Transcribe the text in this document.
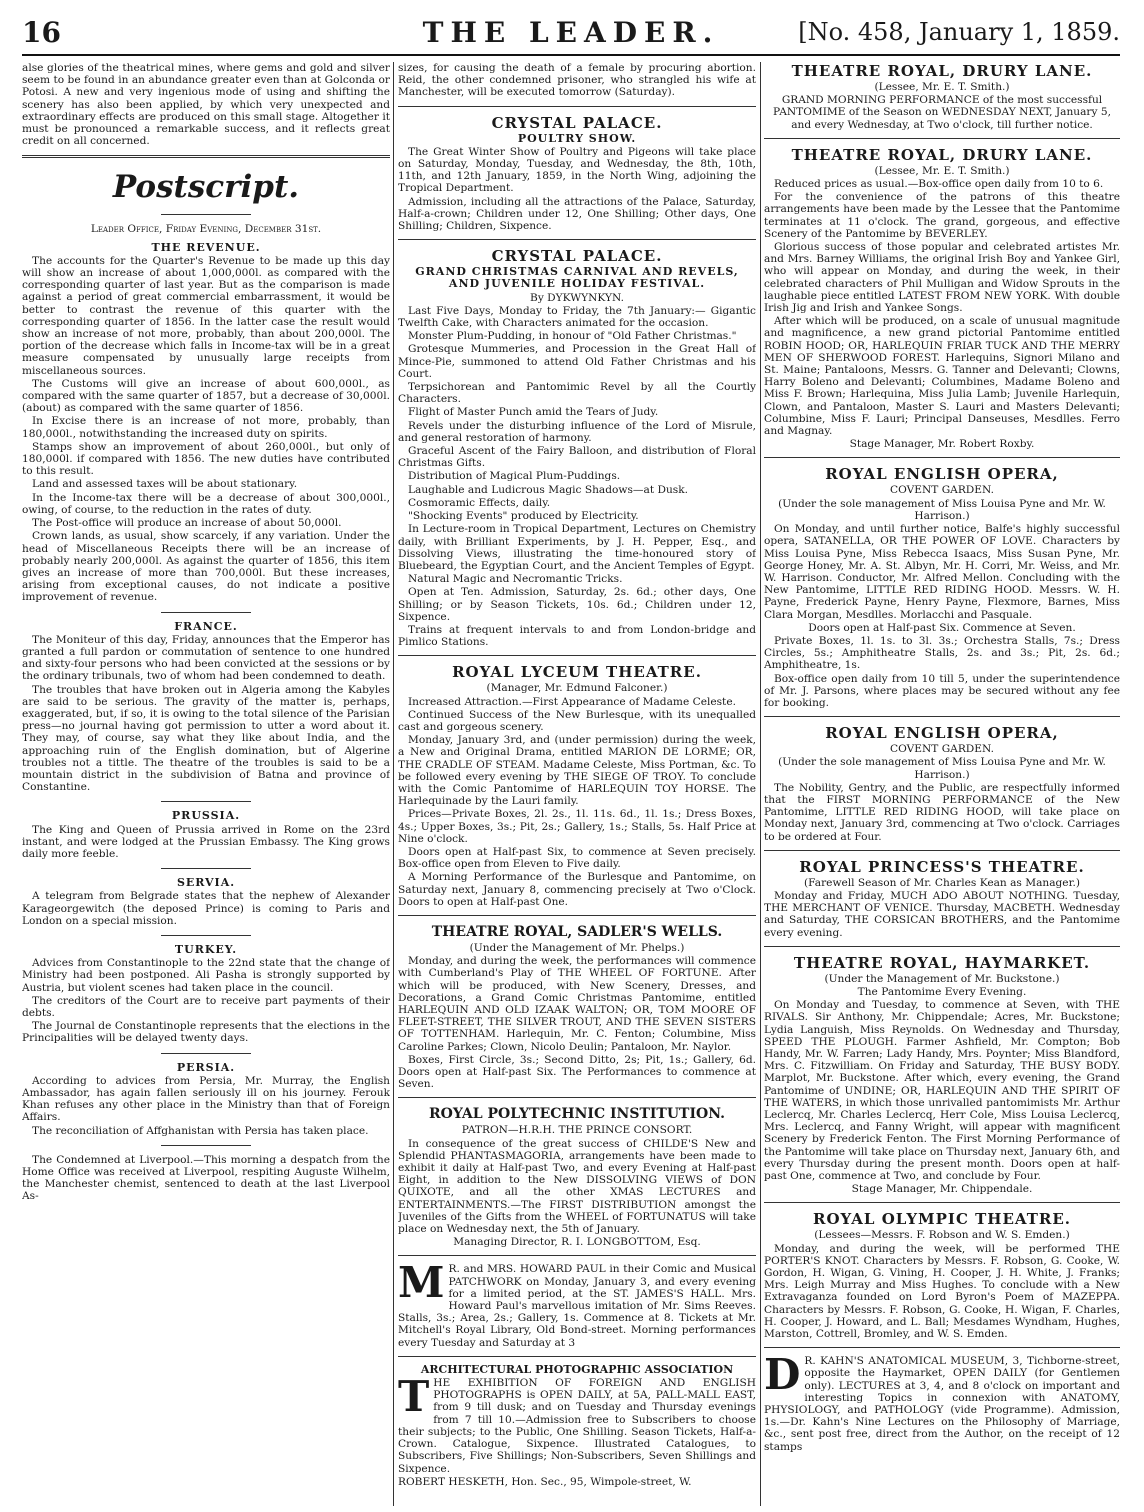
16	THE LEADER.	[No. 458, January 1, 1859.

alse glories of the theatrical mines, where gems and gold and silver seem to be found in an abundance greater even than at Golconda or Potosi. A new and very ingenious mode of using and shifting the scenery has also been applied, by which very unexpected and extraordinary effects are produced on this small stage. Altogether it must be pronounced a remarkable success, and it reflects great credit on all concerned.

Postscript.

Leader Office, Friday Evening, December 31st.

THE REVENUE.

The accounts for the Quarter's Revenue to be made up this day will show an increase of about 1,000,000l. as compared with the corresponding quarter of last year. But as the comparison is made against a period of great commercial embarrassment, it would be better to contrast the revenue of this quarter with the corresponding quarter of 1856. In the latter case the result would show an increase of not more, probably, than about 200,000l. The portion of the decrease which falls in Income-tax will be in a great measure compensated by unusually large receipts from miscellaneous sources.

The Customs will give an increase of about 600,000l., as compared with the same quarter of 1857, but a decrease of 30,000l. (about) as compared with the same quarter of 1856.

In Excise there is an increase of not more, probably, than 180,000l., notwithstanding the increased duty on spirits.

Stamps show an improvement of about 260,000l., but only of 180,000l. if compared with 1856. The new duties have contributed to this result.

Land and assessed taxes will be about stationary.

In the Income-tax there will be a decrease of about 300,000l., owing, of course, to the reduction in the rates of duty.

The Post-office will produce an increase of about 50,000l.

Crown lands, as usual, show scarcely, if any variation. Under the head of Miscellaneous Receipts there will be an increase of probably nearly 200,000l. As against the quarter of 1856, this item gives an increase of more than 700,000l. But these increases, arising from exceptional causes, do not indicate a positive improvement of revenue.

FRANCE.

The Moniteur of this day, Friday, announces that the Emperor has granted a full pardon or commutation of sentence to one hundred and sixty-four persons who had been convicted at the sessions or by the ordinary tribunals, two of whom had been condemned to death.

The troubles that have broken out in Algeria among the Kabyles are said to be serious. The gravity of the matter is, perhaps, exaggerated, but, if so, it is owing to the total silence of the Parisian press—no journal having got permission to utter a word about it. They may, of course, say what they like about India, and the approaching ruin of the English domination, but of Algerine troubles not a tittle. The theatre of the troubles is said to be a mountain district in the subdivision of Batna and province of Constantine.

PRUSSIA.

The King and Queen of Prussia arrived in Rome on the 23rd instant, and were lodged at the Prussian Embassy. The King grows daily more feeble.

SERVIA.

A telegram from Belgrade states that the nephew of Alexander Karageorgewitch (the deposed Prince) is coming to Paris and London on a special mission.

TURKEY.

Advices from Constantinople to the 22nd state that the change of Ministry had been postponed. Ali Pasha is strongly supported by Austria, but violent scenes had taken place in the council.

The creditors of the Court are to receive part payments of their debts.

The Journal de Constantinople represents that the elections in the Principalities will be delayed twenty days.

PERSIA.

According to advices from Persia, Mr. Murray, the English Ambassador, has again fallen seriously ill on his journey. Ferouk Khan refuses any other place in the Ministry than that of Foreign Affairs.

The reconciliation of Affghanistan with Persia has taken place.

The Condemned at Liverpool.—This morning a despatch from the Home Office was received at Liverpool, respiting Auguste Wilhelm, the Manchester chemist, sentenced to death at the last Liverpool As-

sizes, for causing the death of a female by procuring abortion. Reid, the other condemned prisoner, who strangled his wife at Manchester, will be executed tomorrow (Saturday).

CRYSTAL PALACE.

POULTRY SHOW.

The Great Winter Show of Poultry and Pigeons will take place on Saturday, Monday, Tuesday, and Wednesday, the 8th, 10th, 11th, and 12th January, 1859, in the North Wing, adjoining the Tropical Department.

Admission, including all the attractions of the Palace, Saturday, Half-a-crown; Children under 12, One Shilling; Other days, One Shilling; Children, Sixpence.

CRYSTAL PALACE.

GRAND CHRISTMAS CARNIVAL AND REVELS, AND JUVENILE HOLIDAY FESTIVAL.

By DYKWYNKYN.

Last Five Days, Monday to Friday, the 7th January:— Gigantic Twelfth Cake, with Characters animated for the occasion.

Monster Plum-Pudding, in honour of "Old Father Christmas."

Grotesque Mummeries, and Procession in the Great Hall of Mince-Pie, summoned to attend Old Father Christmas and his Court.

Terpsichorean and Pantomimic Revel by all the Courtly Characters.

Flight of Master Punch amid the Tears of Judy.

Revels under the disturbing influence of the Lord of Misrule, and general restoration of harmony.

Graceful Ascent of the Fairy Balloon, and distribution of Floral Christmas Gifts.

Distribution of Magical Plum-Puddings.

Laughable and Ludicrous Magic Shadows—at Dusk.

Cosmoramic Effects, daily.

"Shocking Events" produced by Electricity.

In Lecture-room in Tropical Department, Lectures on Chemistry daily, with Brilliant Experiments, by J. H. Pepper, Esq., and Dissolving Views, illustrating the time-honoured story of Bluebeard, the Egyptian Court, and the Ancient Temples of Egypt.

Natural Magic and Necromantic Tricks.

Open at Ten. Admission, Saturday, 2s. 6d.; other days, One Shilling; or by Season Tickets, 10s. 6d.; Children under 12, Sixpence.

Trains at frequent intervals to and from London-bridge and Pimlico Stations.

ROYAL LYCEUM THEATRE.

(Manager, Mr. Edmund Falconer.)

Increased Attraction.—First Appearance of Madame Celeste.

Continued Success of the New Burlesque, with its unequalled cast and gorgeous scenery.

Monday, January 3rd, and (under permission) during the week, a New and Original Drama, entitled MARION DE LORME; OR, THE CRADLE OF STEAM. Madame Celeste, Miss Portman, &c. To be followed every evening by THE SIEGE OF TROY. To conclude with the Comic Pantomime of HARLEQUIN TOY HORSE. The Harlequinade by the Lauri family.

Prices—Private Boxes, 2l. 2s., 1l. 11s. 6d., 1l. 1s.; Dress Boxes, 4s.; Upper Boxes, 3s.; Pit, 2s.; Gallery, 1s.; Stalls, 5s. Half Price at Nine o'clock.

Doors open at Half-past Six, to commence at Seven precisely. Box-office open from Eleven to Five daily.

A Morning Performance of the Burlesque and Pantomime, on Saturday next, January 8, commencing precisely at Two o'Clock. Doors to open at Half-past One.

THEATRE ROYAL, SADLER'S WELLS.

(Under the Management of Mr. Phelps.)

Monday, and during the week, the performances will commence with Cumberland's Play of THE WHEEL OF FORTUNE. After which will be produced, with New Scenery, Dresses, and Decorations, a Grand Comic Christmas Pantomime, entitled HARLEQUIN AND OLD IZAAK WALTON; OR, TOM MOORE OF FLEET-STREET, THE SILVER TROUT, AND THE SEVEN SISTERS OF TOTTENHAM. Harlequin, Mr. C. Fenton; Columbine, Miss Caroline Parkes; Clown, Nicolo Deulin; Pantaloon, Mr. Naylor.

Boxes, First Circle, 3s.; Second Ditto, 2s; Pit, 1s.; Gallery, 6d. Doors open at Half-past Six. The Performances to commence at Seven.

ROYAL POLYTECHNIC INSTITUTION.

PATRON—H.R.H. THE PRINCE CONSORT.

In consequence of the great success of CHILDE'S New and Splendid PHANTASMAGORIA, arrangements have been made to exhibit it daily at Half-past Two, and every Evening at Half-past Eight, in addition to the New DISSOLVING VIEWS of DON QUIXOTE, and all the other XMAS LECTURES and ENTERTAINMENTS.—The FIRST DISTRIBUTION amongst the Juveniles of the Gifts from the WHEEL of FORTUNATUS will take place on Wednesday next, the 5th of January.

Managing Director, R. I. LONGBOTTOM, Esq.

M R. and MRS. HOWARD PAUL in their Comic and Musical PATCHWORK on Monday, January 3, and every evening for a limited period, at the ST. JAMES'S HALL. Mrs. Howard Paul's marvellous imitation of Mr. Sims Reeves. Stalls, 3s.; Area, 2s.; Gallery, 1s. Commence at 8. Tickets at Mr. Mitchell's Royal Library, Old Bond-street. Morning performances every Tuesday and Saturday at 3

ARCHITECTURAL PHOTOGRAPHIC ASSOCIATION

THE EXHIBITION OF FOREIGN AND ENGLISH PHOTOGRAPHS is OPEN DAILY, at 5A, PALL-MALL EAST, from 9 till dusk; and on Tuesday and Thursday evenings from 7 till 10.—Admission free to Subscribers to choose their subjects; to the Public, One Shilling. Season Tickets, Half-a-Crown. Catalogue, Sixpence. Illustrated Catalogues, to Subscribers, Five Shillings; Non-Subscribers, Seven Shillings and Sixpence.

ROBERT HESKETH, Hon. Sec., 95, Wimpole-street, W.

THEATRE ROYAL, DRURY LANE.

(Lessee, Mr. E. T. Smith.)

GRAND MORNING PERFORMANCE of the most successful PANTOMIME of the Season on WEDNESDAY NEXT, January 5, and every Wednesday, at Two o'clock, till further notice.

THEATRE ROYAL, DRURY LANE.

(Lessee, Mr. E. T. Smith.)

Reduced prices as usual.—Box-office open daily from 10 to 6.

For the convenience of the patrons of this theatre arrangements have been made by the Lessee that the Pantomime terminates at 11 o'clock. The grand, gorgeous, and effective Scenery of the Pantomime by BEVERLEY.

Glorious success of those popular and celebrated artistes Mr. and Mrs. Barney Williams, the original Irish Boy and Yankee Girl, who will appear on Monday, and during the week, in their celebrated characters of Phil Mulligan and Widow Sprouts in the laughable piece entitled LATEST FROM NEW YORK. With double Irish Jig and Irish and Yankee Songs.

After which will be produced, on a scale of unusual magnitude and magnificence, a new grand pictorial Pantomime entitled ROBIN HOOD; OR, HARLEQUIN FRIAR TUCK AND THE MERRY MEN OF SHERWOOD FOREST. Harlequins, Signori Milano and St. Maine; Pantaloons, Messrs. G. Tanner and Delevanti; Clowns, Harry Boleno and Delevanti; Columbines, Madame Boleno and Miss F. Brown; Harlequina, Miss Julia Lamb; Juvenile Harlequin, Clown, and Pantaloon, Master S. Lauri and Masters Delevanti; Columbine, Miss F. Lauri; Principal Danseuses, Mesdlles. Ferro and Magnay.

Stage Manager, Mr. Robert Roxby.

ROYAL ENGLISH OPERA,

COVENT GARDEN.

(Under the sole management of Miss Louisa Pyne and Mr. W. Harrison.)

On Monday, and until further notice, Balfe's highly successful opera, SATANELLA, OR THE POWER OF LOVE. Characters by Miss Louisa Pyne, Miss Rebecca Isaacs, Miss Susan Pyne, Mr. George Honey, Mr. A. St. Albyn, Mr. H. Corri, Mr. Weiss, and Mr. W. Harrison. Conductor, Mr. Alfred Mellon. Concluding with the New Pantomime, LITTLE RED RIDING HOOD. Messrs. W. H. Payne, Frederick Payne, Henry Payne, Flexmore, Barnes, Miss Clara Morgan, Mesdlles. Morlacchi and Pasquale.

Doors open at Half-past Six. Commence at Seven.

Private Boxes, 1l. 1s. to 3l. 3s.; Orchestra Stalls, 7s.; Dress Circles, 5s.; Amphitheatre Stalls, 2s. and 3s.; Pit, 2s. 6d.; Amphitheatre, 1s.

Box-office open daily from 10 till 5, under the superintendence of Mr. J. Parsons, where places may be secured without any fee for booking.

ROYAL ENGLISH OPERA,

COVENT GARDEN.

(Under the sole management of Miss Louisa Pyne and Mr. W. Harrison.)

The Nobility, Gentry, and the Public, are respectfully informed that the FIRST MORNING PERFORMANCE of the New Pantomime, LITTLE RED RIDING HOOD, will take place on Monday next, January 3rd, commencing at Two o'clock. Carriages to be ordered at Four.

ROYAL PRINCESS'S THEATRE.

(Farewell Season of Mr. Charles Kean as Manager.)

Monday and Friday, MUCH ADO ABOUT NOTHING. Tuesday, THE MERCHANT OF VENICE. Thursday, MACBETH. Wednesday and Saturday, THE CORSICAN BROTHERS, and the Pantomime every evening.

THEATRE ROYAL, HAYMARKET.

(Under the Management of Mr. Buckstone.)

The Pantomime Every Evening.

On Monday and Tuesday, to commence at Seven, with THE RIVALS. Sir Anthony, Mr. Chippendale; Acres, Mr. Buckstone; Lydia Languish, Miss Reynolds. On Wednesday and Thursday, SPEED THE PLOUGH. Farmer Ashfield, Mr. Compton; Bob Handy, Mr. W. Farren; Lady Handy, Mrs. Poynter; Miss Blandford, Mrs. C. Fitzwilliam. On Friday and Saturday, THE BUSY BODY. Marplot, Mr. Buckstone. After which, every evening, the Grand Pantomime of UNDINE; OR, HARLEQUIN AND THE SPIRIT OF THE WATERS, in which those unrivalled pantomimists Mr. Arthur Leclercq, Mr. Charles Leclercq, Herr Cole, Miss Louisa Leclercq, Mrs. Leclercq, and Fanny Wright, will appear with magnificent Scenery by Frederick Fenton. The First Morning Performance of the Pantomime will take place on Thursday next, January 6th, and every Thursday during the present month. Doors open at half-past One, commence at Two, and conclude by Four.

Stage Manager, Mr. Chippendale.

ROYAL OLYMPIC THEATRE.

(Lessees—Messrs. F. Robson and W. S. Emden.)

Monday, and during the week, will be performed THE PORTER'S KNOT. Characters by Messrs. F. Robson, G. Cooke, W. Gordon, H. Wigan, G. Vining, H. Cooper, J. H. White, J. Franks; Mrs. Leigh Murray and Miss Hughes. To conclude with a New Extravaganza founded on Lord Byron's Poem of MAZEPPA. Characters by Messrs. F. Robson, G. Cooke, H. Wigan, F. Charles, H. Cooper, J. Howard, and L. Ball; Mesdames Wyndham, Hughes, Marston, Cottrell, Bromley, and W. S. Emden.

D R. KAHN'S ANATOMICAL MUSEUM, 3, Tichborne-street, opposite the Haymarket, OPEN DAILY (for Gentlemen only). LECTURES at 3, 4, and 8 o'clock on important and interesting Topics in connexion with ANATOMY, PHYSIOLOGY, and PATHOLOGY (vide Programme). Admission, 1s.—Dr. Kahn's Nine Lectures on the Philosophy of Marriage, &c., sent post free, direct from the Author, on the receipt of 12 stamps
